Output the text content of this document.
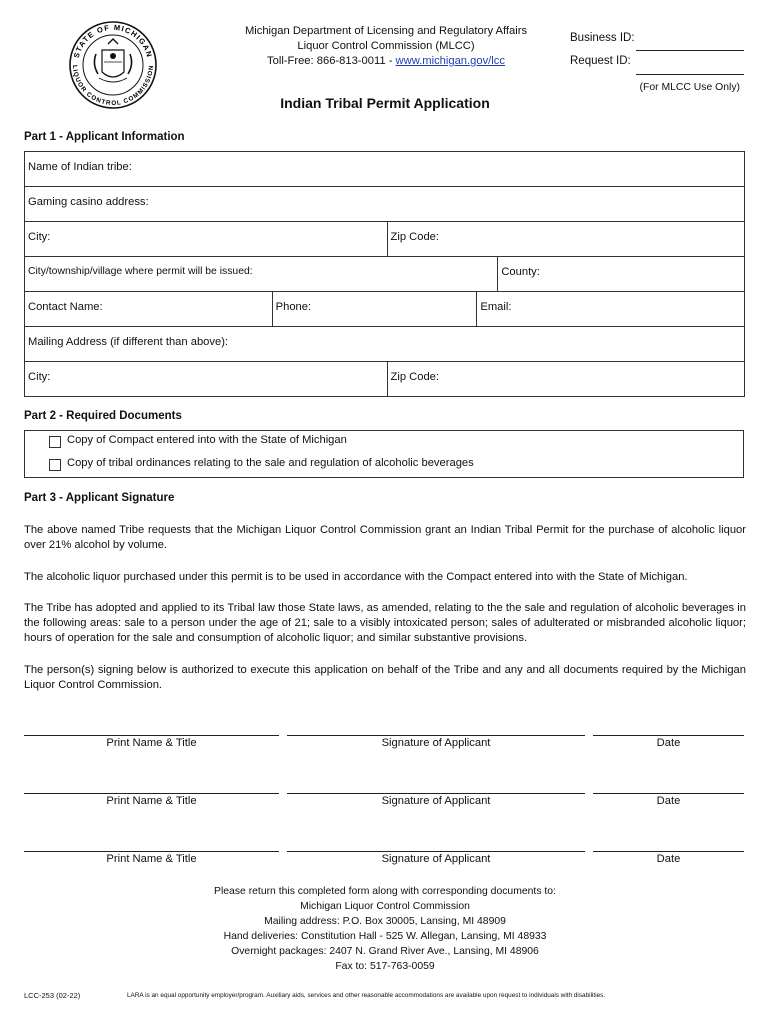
STATE OF MICHIGAN
LIQUOR CONTROL COMMISSION
Michigan Department of Licensing and Regulatory Affairs
Liquor Control Commission (MLCC)
Toll-Free: 866-813-0011 - www.michigan.gov/lcc
Business ID:
Request ID:
(For MLCC Use Only)
Indian Tribal Permit Application
Part 1 - Applicant Information
Name of Indian tribe:				
Gaming casino address:				
City:		Zip Code:		
City/township/village where permit will be issued:				County:
Contact Name:	Phone:		Email:	
Mailing Address (if different than above):				
City:		Zip Code:		
Part 2 - Required Documents
Copy of Compact entered into with the State of Michigan
Copy of tribal ordinances relating to the sale and regulation of alcoholic beverages
Part 3 - Applicant Signature
The above named Tribe requests that the Michigan Liquor Control Commission grant an Indian Tribal Permit for the purchase of alcoholic liquor over 21% alcohol by volume.
The alcoholic liquor purchased under this permit is to be used in accordance with the Compact entered into with the State of Michigan.
The Tribe has adopted and applied to its Tribal law those State laws, as amended, relating to the the sale and regulation of alcoholic beverages in the following areas: sale to a person under the age of 21; sale to a visibly intoxicated person; sales of adulterated or misbranded alcoholic liquor; hours of operation for the sale and consumption of alcoholic liquor; and similar substantive provisions.
The person(s) signing below is authorized to execute this application on behalf of the Tribe and any and all documents required by the Michigan Liquor Control Commission.
Print Name & Title	Signature of Applicant	Date
Print Name & Title	Signature of Applicant	Date
Print Name & Title	Signature of Applicant	Date
Please return this completed form along with corresponding documents to:
Michigan Liquor Control Commission
Mailing address: P.O. Box 30005, Lansing, MI 48909
Hand deliveries: Constitution Hall - 525 W. Allegan, Lansing, MI 48933
Overnight packages: 2407 N. Grand River Ave., Lansing, MI 48906
Fax to: 517-763-0059
LCC-253 (02-22)	LARA is an equal opportunity employer/program. Auxiliary aids, services and other reasonable accommodations are available upon request to individuals with disabilities.
